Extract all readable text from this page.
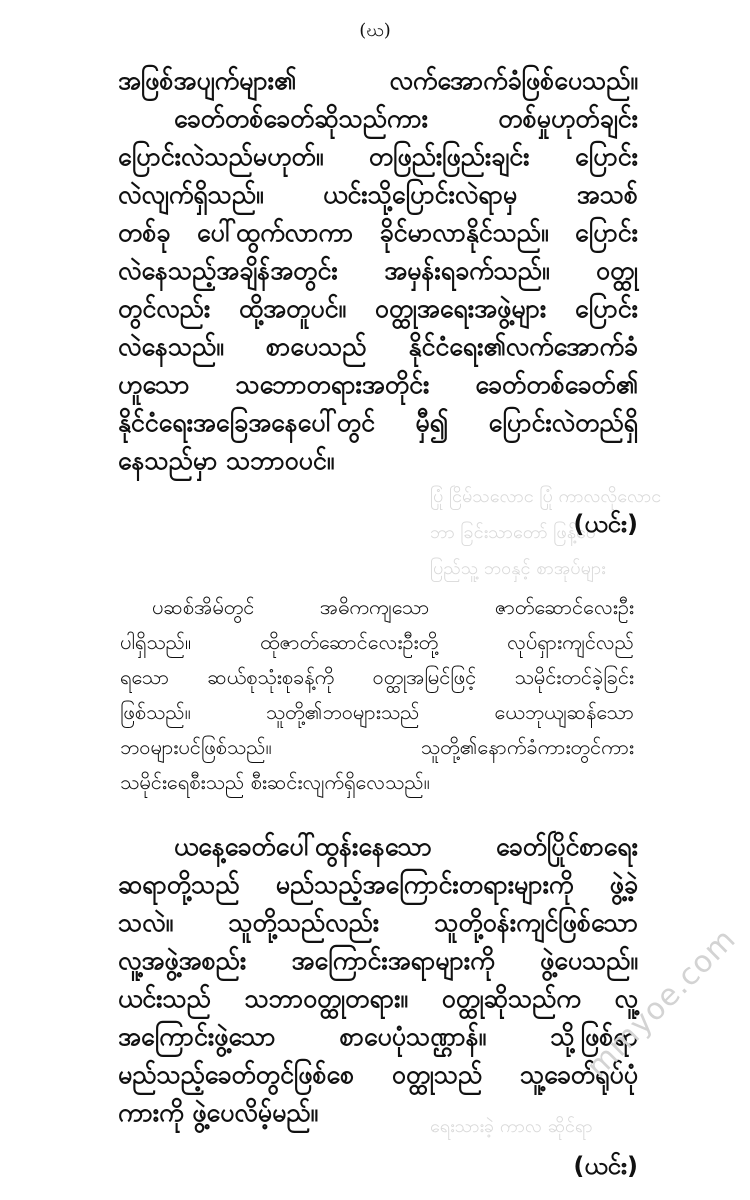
(ဃ)
ပြုံ ငြိမ်သလောင ပြုံ ကာလလိုလောင
ဘာ ခြင်းသာတော် ဖြန့်ဝေ
ပြည်သူ့ ဘဝနှင့် စာအုပ်များ
ရေးသားခဲ့ ကာလ ဆိုင်ရာ
အဖြစ်အပျက်များ၏ လက်အောက်ခံဖြစ်ပေသည်။
ခေတ်တစ်ခေတ်ဆိုသည်ကား တစ်မှုဟုတ်ချင်း
ပြောင်းလဲသည်မဟုတ်။ တဖြည်းဖြည်းချင်း ပြောင်း
လဲလျက်ရှိသည်။ ယင်းသို့ပြောင်းလဲရာမှ အသစ်
တစ်ခု ပေါ်ထွက်လာကာ ခိုင်မာလာနိုင်သည်။ ပြောင်း
လဲနေသည့်အချိန်အတွင်း အမှန်းရခက်သည်။ ဝတ္ထု
တွင်လည်း ထို့အတူပင်။ ဝတ္ထုအရေးအဖွဲ့များ ပြောင်း
လဲနေသည်။ စာပေသည် နိုင်ငံရေး၏လက်အောက်ခံ
ဟူသော သဘောတရားအတိုင်း ခေတ်တစ်ခေတ်၏
နိုင်ငံရေးအခြေအနေပေါ်တွင် မှီ၍ ပြောင်းလဲတည်ရှိ
နေသည်မှာ သဘာဝပင်။
(ယင်း)
ပဆစ်အိမ်တွင် အဓိကကျသော ဇာတ်ဆောင်လေးဦး
ပါရှိသည်။ ထိုဇာတ်ဆောင်လေးဦးတို့ လုပ်ရှားကျင်လည်
ရသော ဆယ်စုသုံးစုခန့်ကို ဝတ္ထုအမြင်ဖြင့် သမိုင်းတင်ခဲ့ခြင်း
ဖြစ်သည်။ သူတို့၏ဘဝများသည် ယေဘုယျဆန်သော
ဘဝများပင်ဖြစ်သည်။ သူတို့၏နောက်ခံကားတွင်ကား
သမိုင်းရေစီးသည် စီးဆင်းလျက်ရှိလေသည်။
ယနေ့ခေတ်ပေါ်ထွန်းနေသော ခေတ်ပြိုင်စာရေး
ဆရာတို့သည် မည်သည့်အကြောင်းတရားများကို ဖွဲ့ခဲ့
သလဲ။ သူတို့သည်လည်း သူတို့ဝန်းကျင်ဖြစ်သော
လူ့အဖွဲ့အစည်း အကြောင်းအရာများကို ဖွဲ့ပေသည်။
ယင်းသည် သဘာဝတ္ထုတရား။ ဝတ္ထုဆိုသည်က လူ့
အကြောင်းဖွဲ့သော စာပေပုံသဏ္ဌာန်။ သို့ဖြစ်ရာ
မည်သည့်ခေတ်တွင်ဖြစ်စေ ဝတ္ထုသည် သူ့ခေတ်ရုပ်ပုံ
ကားကို ဖွဲ့ပေလိမ့်မည်။
(ယင်း)
mmyoe.com
